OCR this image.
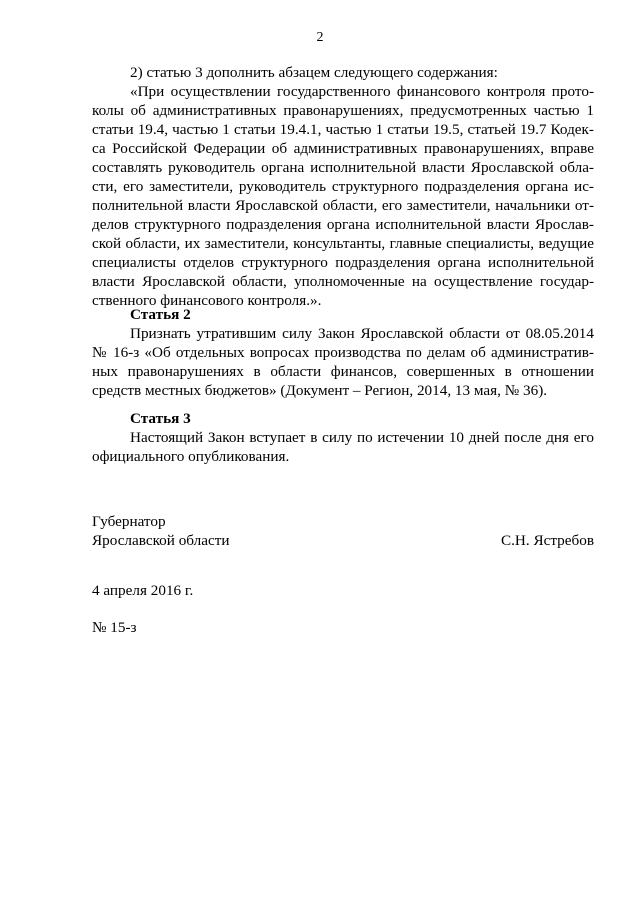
2
2) статью 3 дополнить абзацем следующего содержания:
«При осуществлении государственного финансового контроля прото-
колы об административных правонарушениях, предусмотренных частью 1
статьи 19.4, частью 1 статьи 19.4.1, частью 1 статьи 19.5, статьей 19.7 Кодек-
са Российской Федерации об административных правонарушениях, вправе
составлять руководитель органа исполнительной власти Ярославской обла-
сти, его заместители, руководитель структурного подразделения органа ис-
полнительной власти Ярославской области, его заместители, начальники от-
делов структурного подразделения органа исполнительной власти Ярослав-
ской области, их заместители, консультанты, главные специалисты, ведущие
специалисты отделов структурного подразделения органа исполнительной
власти Ярославской области, уполномоченные на осуществление государ-
ственного финансового контроля.».
Статья 2
Признать утратившим силу Закон Ярославской области от 08.05.2014
№ 16-з «Об отдельных вопросах производства по делам об административ-
ных правонарушениях в области финансов, совершенных в отношении
средств местных бюджетов» (Документ – Регион, 2014, 13 мая, № 36).
Статья 3
Настоящий Закон вступает в силу по истечении 10 дней после дня его
официального опубликования.
Губернатор
Ярославской области	С.Н. Ястребов
4 апреля 2016 г.
№ 15-з
